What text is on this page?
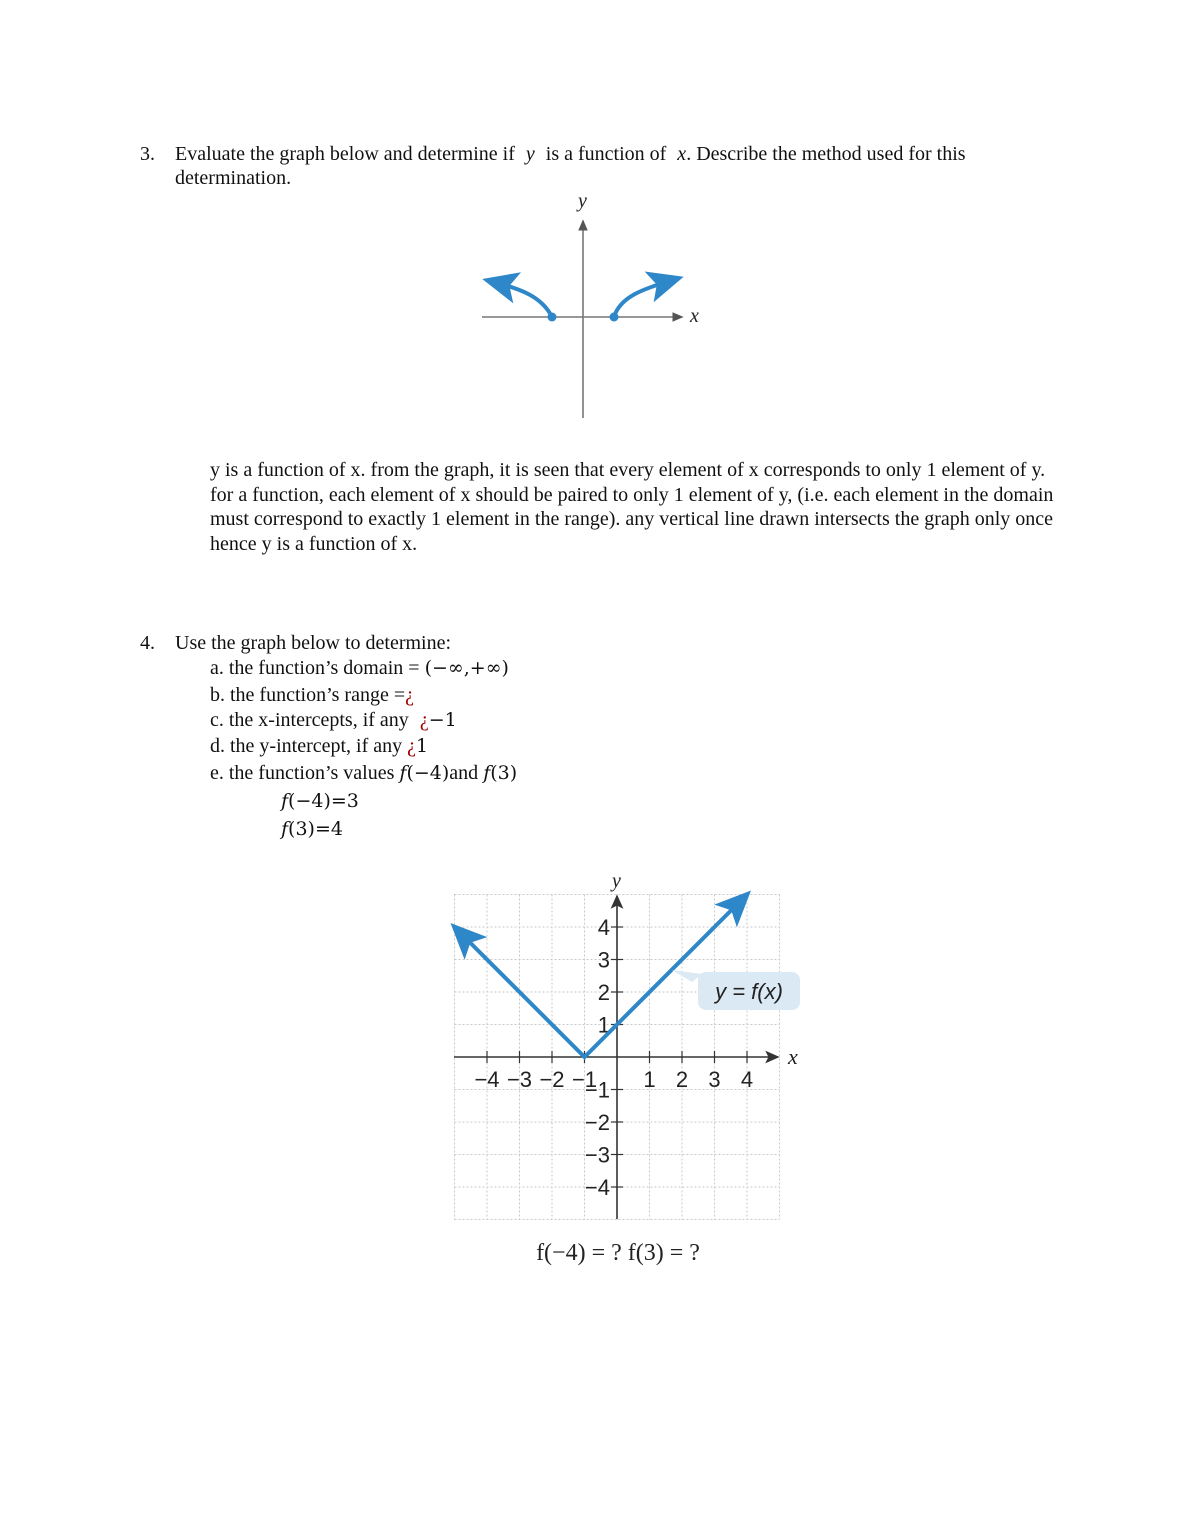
3. Evaluate the graph below and determine if y is a function of x. Describe the method used for this
determination.
y
x
y is a function of x. from the graph, it is seen that every element of x corresponds to only 1 element of y. for a function, each element of x should be paired to only 1 element of y, (i.e. each element in the domain must correspond to exactly 1 element in the range). any vertical line drawn intersects the graph only once hence y is a function of x.
4. Use the graph below to determine:
a. the function’s domain = (−∞,+∞)
b. the function’s range =¿
c. the x-intercepts, if any ¿−1
d. the y-intercept, if any ¿1
e. the function’s values f(−4)and f(3)
f(−4)=3
f(3)=4
−4 −3 −2 −1 1 2 3 4
4
3
2
1
−1
−2
−3
−4
y
x
y = f(x)
f(−4) = ? f(3) = ?
